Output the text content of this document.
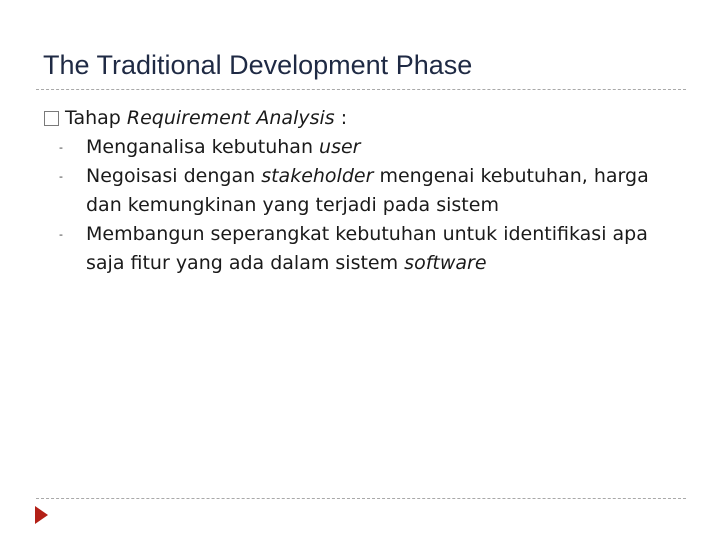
The Traditional Development Phase
Tahap Requirement Analysis :
-	Menganalisa kebutuhan user
-	Negoisasi dengan stakeholder mengenai kebutuhan, harga dan kemungkinan yang terjadi pada sistem
-	Membangun seperangkat kebutuhan untuk identifikasi apa saja fitur yang ada dalam sistem software
